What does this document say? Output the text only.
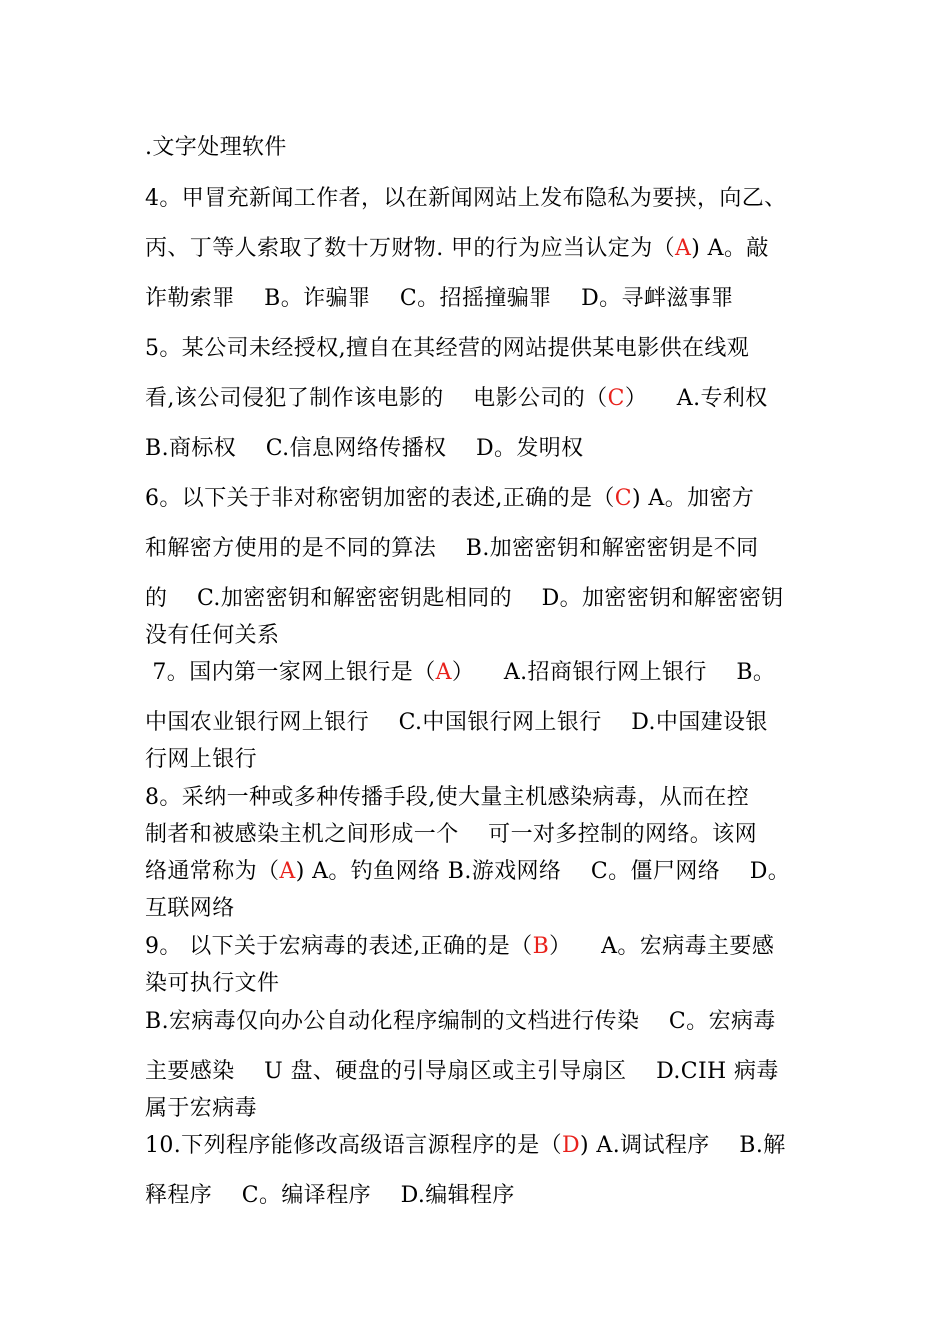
.文字处理软件
4。甲冒充新闻工作者，以在新闻网站上发布隐私为要挟，向乙、
丙、丁等人索取了数十万财物. 甲的行为应当认定为（A) A。敲
诈勒索罪    B。诈骗罪    C。招摇撞骗罪    D。寻衅滋事罪
5。某公司未经授权,擅自在其经营的网站提供某电影供在线观
看,该公司侵犯了制作该电影的    电影公司的（C）    A.专利权
B.商标权    C.信息网络传播权    D。发明权
6。以下关于非对称密钥加密的表述,正确的是（C) A。加密方
和解密方使用的是不同的算法    B.加密密钥和解密密钥是不同
的    C.加密密钥和解密密钥匙相同的    D。加密密钥和解密密钥
没有任何关系
7。国内第一家网上银行是（A）    A.招商银行网上银行    B。
中国农业银行网上银行    C.中国银行网上银行    D.中国建设银
行网上银行
8。采纳一种或多种传播手段,使大量主机感染病毒，从而在控
制者和被感染主机之间形成一个    可一对多控制的网络。该网
络通常称为（A) A。钓鱼网络 B.游戏网络    C。僵尸网络    D。
互联网络
9。 以下关于宏病毒的表述,正确的是（B）    A。宏病毒主要感
染可执行文件
B.宏病毒仅向办公自动化程序编制的文档进行传染    C。宏病毒
主要感染    U 盘、硬盘的引导扇区或主引导扇区    D.CIH 病毒
属于宏病毒
10.下列程序能修改高级语言源程序的是（D) A.调试程序    B.解
释程序    C。编译程序    D.编辑程序
